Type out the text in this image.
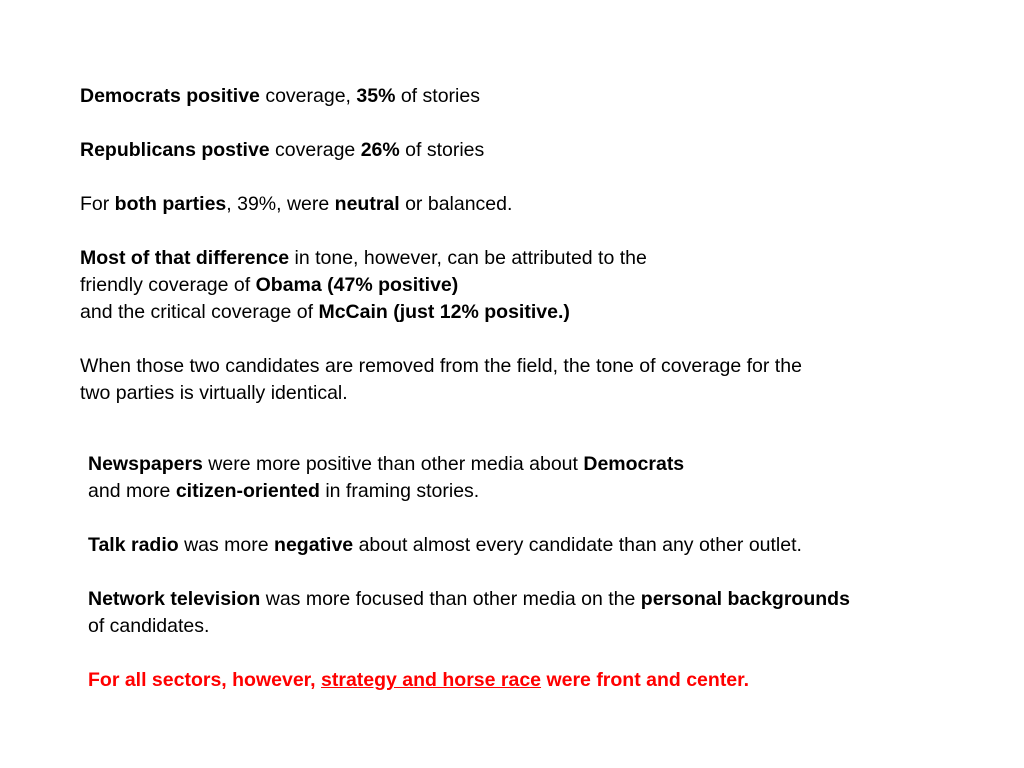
Democrats positive coverage, 35% of stories

Republicans postive coverage 26% of stories

For both parties, 39%, were neutral or balanced.

Most of that difference in tone, however, can be attributed to the
friendly coverage of Obama (47% positive)
and the critical coverage of McCain (just 12% positive.)

When those two candidates are removed from the field, the tone of coverage for the
two parties is virtually identical.

Newspapers were more positive than other media about Democrats
and more citizen-oriented in framing stories.

Talk radio was more negative about almost every candidate than any other outlet.

Network television was more focused than other media on the personal backgrounds
of candidates.

For all sectors, however, strategy and horse race were front and center.
